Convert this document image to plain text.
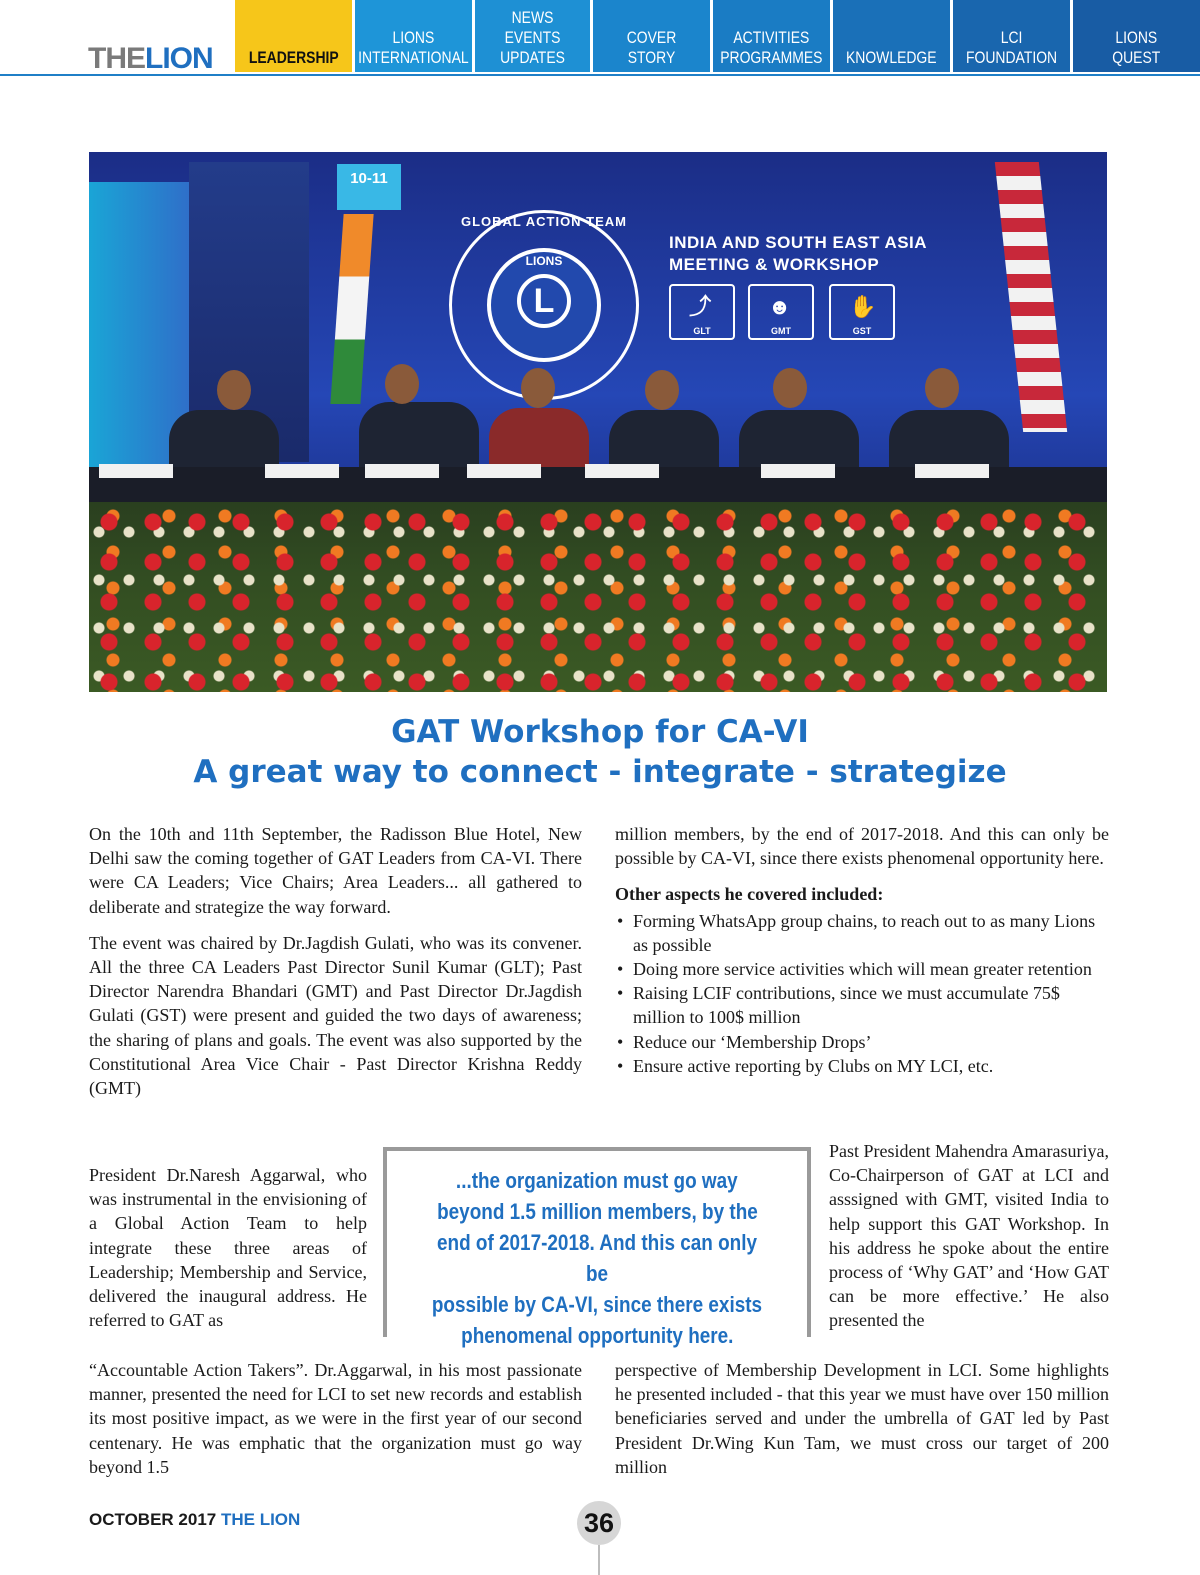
THELION LEADERSHIP
LIONS
INTERNATIONAL
NEWS
EVENTS
UPDATES
COVER STORY
ACTIVITIES
PROGRAMMES KNOWLEDGE
LCI
FOUNDATION
LIONS
QUEST
10-11
GLOBAL ACTION TEAM
LIONS
L
INDIA AND SOUTH EAST ASIA
MEETING & WORKSHOP
⤴
GLT
☻
GMT
✋
GST
GAT Workshop for CA-VI
A great way to connect - integrate - strategize

On the 10th and 11th September, the Radisson Blue Hotel, New Delhi saw the coming together of GAT Leaders from CA-VI. There were CA Leaders; Vice Chairs; Area Leaders... all gathered to deliberate and strategize the way forward.

The event was chaired by Dr.Jagdish Gulati, who was its convener. All the three CA Leaders Past Director Sunil Kumar (GLT); Past Director Narendra Bhandari (GMT) and Past Director Dr.Jagdish Gulati (GST) were present and guided the two days of awareness; the sharing of plans and goals. The event was also supported by the Constitutional Area Vice Chair - Past Director Krishna Reddy (GMT)

President Dr.Naresh Aggarwal, who was instrumental in the envisioning of a Global Action Team to help integrate these three areas of Leadership; Membership and Service, delivered the inaugural address. He referred to GAT as

“Accountable Action Takers”. Dr.Aggarwal, in his most passionate manner, presented the need for LCI to set new records and establish its most positive impact, as we were in the first year of our second centenary. He was emphatic that the organization must go way beyond 1.5

million members, by the end of 2017-2018. And this can only be possible by CA-VI, since there exists phenomenal opportunity here.

Other aspects he covered included:

• Forming WhatsApp group chains, to reach out to as many Lions as possible
• Doing more service activities which will mean greater retention
• Raising LCIF contributions, since we must accumulate 75$ million to 100$ million
• Reduce our ‘Membership Drops’
• Ensure active reporting by Clubs on MY LCI, etc.

Past President Mahendra Amarasuriya, Co-Chairperson of GAT at LCI and asssigned with GMT, visited India to help support this GAT Workshop. In his address he spoke about the entire process of ‘Why GAT’ and ‘How GAT can be more effective.’ He also presented the

perspective of Membership Development in LCI. Some highlights he presented included - that this year we must have over 150 million beneficiaries served and under the umbrella of GAT led by Past President Dr.Wing Kun Tam, we must cross our target of 200 million

...the organization must go way
beyond 1.5 million members, by the
end of 2017-2018. And this can only be
possible by CA-VI, since there exists
phenomenal opportunity here.
OCTOBER 2017 THE LION	36
